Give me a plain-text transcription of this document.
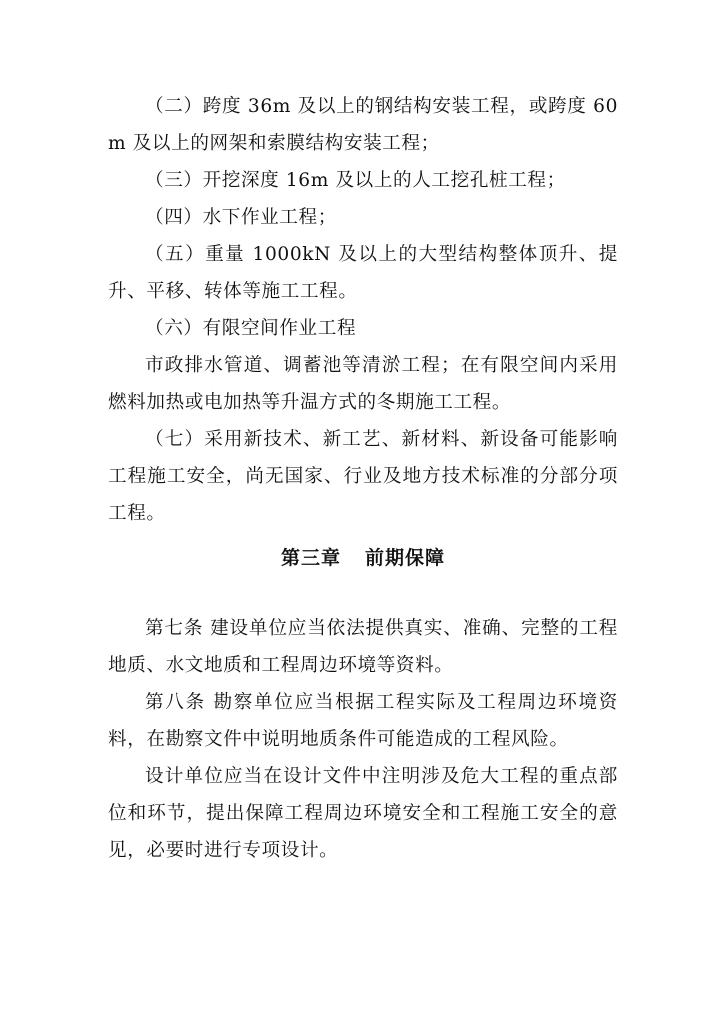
（二）跨度 36m 及以上的钢结构安装工程，或跨度 60m 及以上的网架和索膜结构安装工程；

（三）开挖深度 16m 及以上的人工挖孔桩工程；

（四）水下作业工程；

（五）重量 1000kN 及以上的大型结构整体顶升、提升、平移、转体等施工工程。

（六）有限空间作业工程

市政排水管道、调蓄池等清淤工程；在有限空间内采用燃料加热或电加热等升温方式的冬期施工工程。

（七）采用新技术、新工艺、新材料、新设备可能影响工程施工安全，尚无国家、行业及地方技术标准的分部分项工程。

第三章 前期保障

第七条 建设单位应当依法提供真实、准确、完整的工程地质、水文地质和工程周边环境等资料。

第八条 勘察单位应当根据工程实际及工程周边环境资料，在勘察文件中说明地质条件可能造成的工程风险。

设计单位应当在设计文件中注明涉及危大工程的重点部位和环节，提出保障工程周边环境安全和工程施工安全的意见，必要时进行专项设计。
